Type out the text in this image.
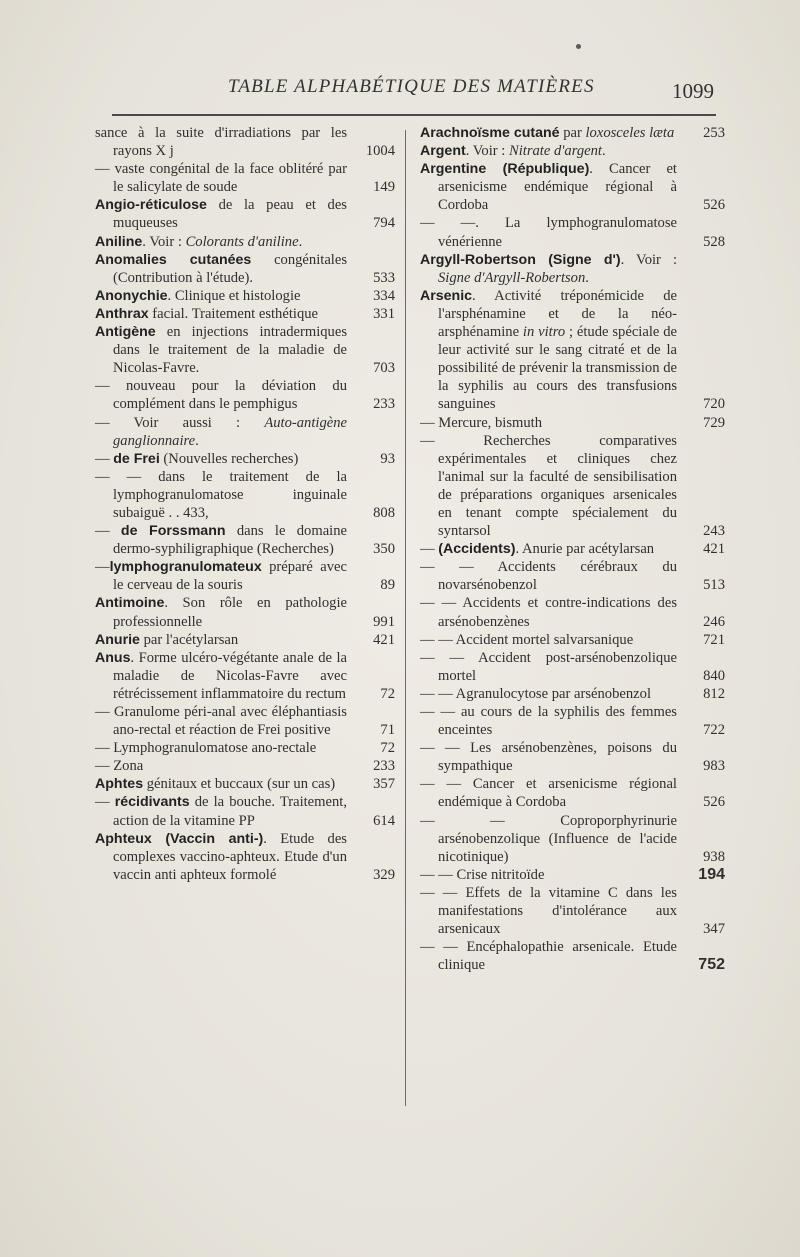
TABLE ALPHABÉTIQUE DES MATIÈRES	1099
sance à la suite d'irradiations par les rayons X j	1004
— vaste congénital de la face oblitéré par le salicylate de soude	149
Angio-réticulose de la peau et des muqueuses	794
Aniline. Voir : Colorants d'aniline.
Anomalies cutanées congénitales (Contribution à l'étude).	533
Anonychie. Clinique et histologie	334
Anthrax facial. Traitement esthétique	331
Antigène en injections intradermiques dans le traitement de la maladie de Nicolas-Favre.	703
— nouveau pour la déviation du complément dans le pemphigus	233
— Voir aussi : Auto-antigène ganglionnaire.
— de Frei (Nouvelles recherches)	93
— — dans le traitement de la lymphogranulomatose inguinale subaiguë . . 433,	808
— de Forssmann dans le domaine dermo-syphiligraphique (Recherches)	350
—lymphogranulomateux préparé avec le cerveau de la souris	89
Antimoine. Son rôle en pathologie professionnelle	991
Anurie par l'acétylarsan	421
Anus. Forme ulcéro-végétante anale de la maladie de Nicolas-Favre avec rétrécissement inflammatoire du rectum	72
— Granulome péri-anal avec éléphantiasis ano-rectal et réaction de Frei positive	71
— Lymphogranulomatose ano-rectale	72
— Zona	233
Aphtes génitaux et buccaux (sur un cas)	357
— récidivants de la bouche. Traitement, action de la vitamine PP	614
Aphteux (Vaccin anti-). Etude des complexes vaccino-aphteux. Etude d'un vaccin anti aphteux formolé	329
Arachnoïsme cutané par loxosceles læta	253
Argent. Voir : Nitrate d'argent.
Argentine (République). Cancer et arsenicisme endémique régional à Cordoba	526
— —. La lymphogranulomatose vénérienne	528
Argyll-Robertson (Signe d'). Voir : Signe d'Argyll-Robertson.
Arsenic. Activité tréponémicide de l'arsphénamine et de la néo-arsphénamine in vitro ; étude spéciale de leur activité sur le sang citraté et de la possibilité de prévenir la transmission de la syphilis au cours des transfusions sanguines	720
— Mercure, bismuth	729
— Recherches comparatives expérimentales et cliniques chez l'animal sur la faculté de sensibilisation de préparations organiques arsenicales en tenant compte spécialement du syntarsol	243
— (Accidents). Anurie par acétylarsan	421
— — Accidents cérébraux du novarsénobenzol	513
— — Accidents et contre-indications des arsénobenzènes	246
— — Accident mortel salvarsanique	721
— — Accident post-arsénobenzolique mortel	840
— — Agranulocytose par arsénobenzol	812
— — au cours de la syphilis des femmes enceintes	722
— — Les arsénobenzènes, poisons du sympathique	983
— — Cancer et arsenicisme régional endémique à Cordoba	526
— — Coproporphyrinurie arsénobenzolique (Influence de l'acide nicotinique)	938
— — Crise nitritoïde	194
— — Effets de la vitamine C dans les manifestations d'intolérance aux arsenicaux	347
— — Encéphalopathie arsenicale. Etude clinique	752
